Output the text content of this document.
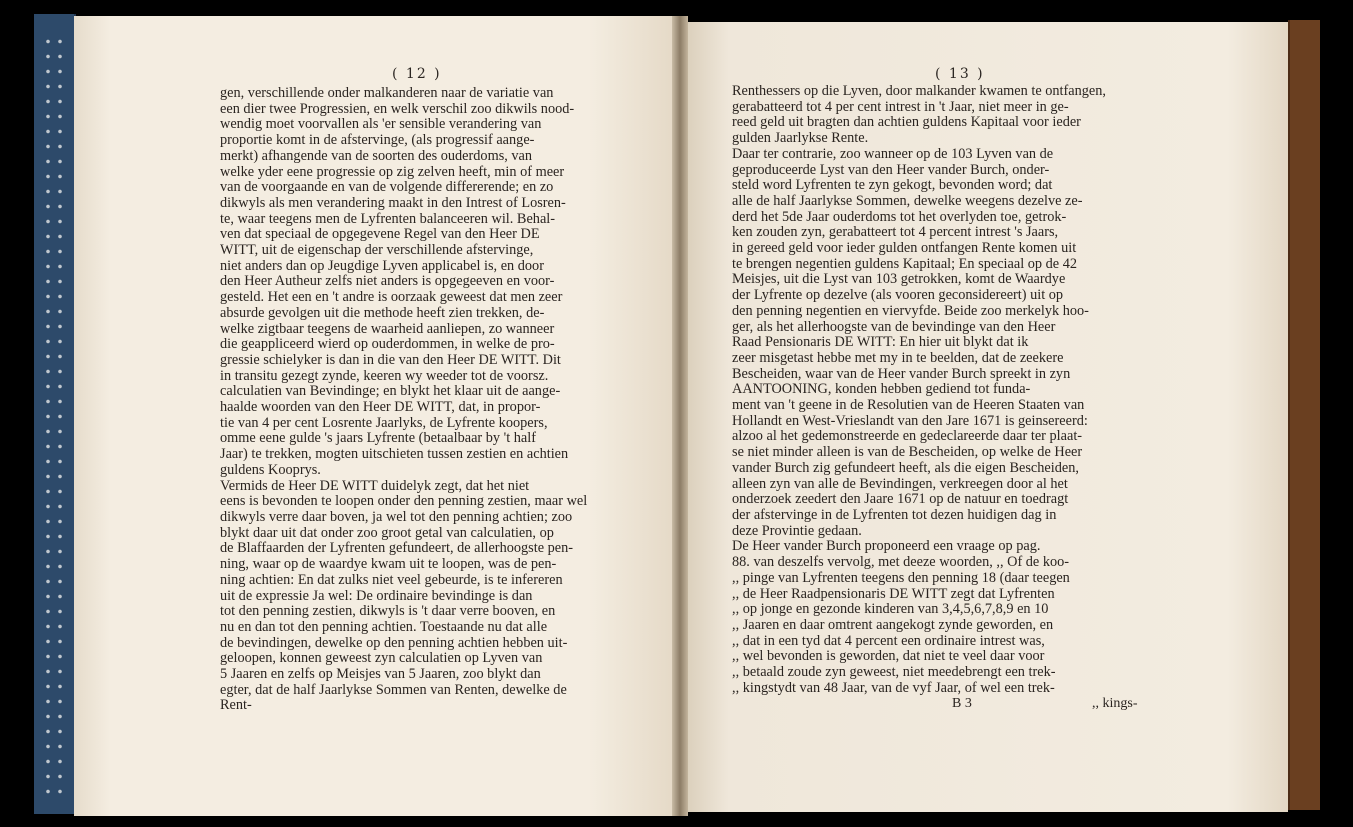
( 12 )

gen, verschillende onder malkanderen naar de variatie van

een dier twee Progressien, en welk verschil zoo dikwils nood-

wendig moet voorvallen als 'er sensible verandering van

proportie komt in de afstervinge, (als progressif aange-

merkt) afhangende van de soorten des ouderdoms, van

welke yder eene progressie op zig zelven heeft, min of meer

van de voorgaande en van de volgende differerende; en zo

dikwyls als men verandering maakt in den Intrest of Losren-

te, waar teegens men de Lyfrenten balanceeren wil. Behal-

ven dat speciaal de opgegevene Regel van den Heer DE

WITT, uit de eigenschap der verschillende afstervinge,

niet anders dan op Jeugdige Lyven applicabel is, en door

den Heer Autheur zelfs niet anders is opgegeeven en voor-

gesteld. Het een en 't andre is oorzaak geweest dat men zeer

absurde gevolgen uit die methode heeft zien trekken, de-

welke zigtbaar teegens de waarheid aanliepen, zo wanneer

die geappliceerd wierd op ouderdommen, in welke de pro-

gressie schielyker is dan in die van den Heer DE WITT. Dit

in transitu gezegt zynde, keeren wy weeder tot de voorsz.

calculatien van Bevindinge; en blykt het klaar uit de aange-

haalde woorden van den Heer DE WITT, dat, in propor-

tie van 4 per cent Losrente Jaarlyks, de Lyfrente koopers,

omme eene gulde 's jaars Lyfrente (betaalbaar by 't half

Jaar) te trekken, mogten uitschieten tussen zestien en achtien

guldens Kooprys.

Vermids de Heer DE WITT duidelyk zegt, dat het niet

eens is bevonden te loopen onder den penning zestien, maar wel

dikwyls verre daar boven, ja wel tot den penning achtien; zoo

blykt daar uit dat onder zoo groot getal van calculatien, op

de Blaffaarden der Lyfrenten gefundeert, de allerhoogste pen-

ning, waar op de waardye kwam uit te loopen, was de pen-

ning achtien: En dat zulks niet veel gebeurde, is te infereren

uit de expressie Ja wel: De ordinaire bevindinge is dan

tot den penning zestien, dikwyls is 't daar verre booven, en

nu en dan tot den penning achtien. Toestaande nu dat alle

de bevindingen, dewelke op den penning achtien hebben uit-

geloopen, konnen geweest zyn calculatien op Lyven van

5 Jaaren en zelfs op Meisjes van 5 Jaaren, zoo blykt dan

egter, dat de half Jaarlykse Sommen van Renten, dewelke de

Rent-

( 13 )

Renthessers op die Lyven, door malkander kwamen te ontfangen,

gerabatteerd tot 4 per cent intrest in 't Jaar, niet meer in ge-

reed geld uit bragten dan achtien guldens Kapitaal voor ieder

gulden Jaarlykse Rente.

Daar ter contrarie, zoo wanneer op de 103 Lyven van de

geproduceerde Lyst van den Heer vander Burch, onder-

steld word Lyfrenten te zyn gekogt, bevonden word; dat

alle de half Jaarlykse Sommen, dewelke weegens dezelve ze-

derd het 5de Jaar ouderdoms tot het overlyden toe, getrok-

ken zouden zyn, gerabatteert tot 4 percent intrest 's Jaars,

in gereed geld voor ieder gulden ontfangen Rente komen uit

te brengen negentien guldens Kapitaal; En speciaal op de 42

Meisjes, uit die Lyst van 103 getrokken, komt de Waardye

der Lyfrente op dezelve (als vooren geconsidereert) uit op

den penning negentien en viervyfde. Beide zoo merkelyk hoo-

ger, als het allerhoogste van de bevindinge van den Heer

Raad Pensionaris DE WITT: En hier uit blykt dat ik

zeer misgetast hebbe met my in te beelden, dat de zeekere

Bescheiden, waar van de Heer vander Burch spreekt in zyn

AANTOONING, konden hebben gediend tot funda-

ment van 't geene in de Resolutien van de Heeren Staaten van

Hollandt en West-Vrieslandt van den Jare 1671 is geinsereerd:

alzoo al het gedemonstreerde en gedeclareerde daar ter plaat-

se niet minder alleen is van de Bescheiden, op welke de Heer

vander Burch zig gefundeert heeft, als die eigen Bescheiden,

alleen zyn van alle de Bevindingen, verkreegen door al het

onderzoek zeedert den Jaare 1671 op de natuur en toedragt

der afstervinge in de Lyfrenten tot dezen huidigen dag in

deze Provintie gedaan.

De Heer vander Burch proponeerd een vraage op pag.

88. van deszelfs vervolg, met deeze woorden, ,, Of de koo-

,, pinge van Lyfrenten teegens den penning 18 (daar teegen

,, de Heer Raadpensionaris DE WITT zegt dat Lyfrenten

,, op jonge en gezonde kinderen van 3,4,5,6,7,8,9 en 10

,, Jaaren en daar omtrent aangekogt zynde geworden, en

,, dat in een tyd dat 4 percent een ordinaire intrest was,

,, wel bevonden is geworden, dat niet te veel daar voor

,, betaald zoude zyn geweest, niet meedebrengt een trek-

,, kingstydt van 48 Jaar, van de vyf Jaar, of wel een trek-

B 3	,, kings-
